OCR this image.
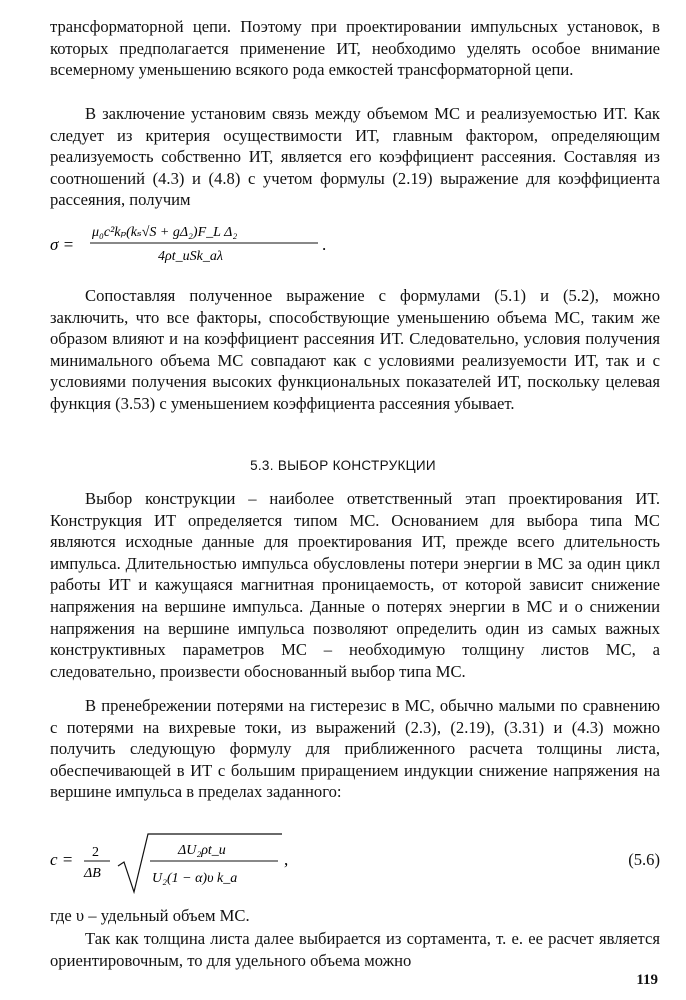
трансформаторной цепи. Поэтому при проектировании импульсных установок, в которых предполагается применение ИТ, необходимо уделять особое внимание всемерному уменьшению всякого рода емкостей трансформаторной цепи.

В заключение установим связь между объемом МС и реализуемостью ИТ. Как следует из критерия осуществимости ИТ, главным фактором, определяющим реализуемость собственно ИТ, является его коэффициент рассеяния. Составляя из соотношений (4.3) и (4.8) с учетом формулы (2.19) выражение для коэффициента рассеяния, получим

σ =
μ₀c²kₚ(kₛ√S + gΔ₂)F_L Δ₂
4ρt_иSk_aλ
.

Сопоставляя полученное выражение с формулами (5.1) и (5.2), можно заключить, что все факторы, способствующие уменьшению объема МС, таким же образом влияют и на коэффициент рассеяния ИТ. Следовательно, условия получения минимального объема МС совпадают как с условиями реализуемости ИТ, так и с условиями получения высоких функциональных показателей ИТ, поскольку целевая функция (3.53) с уменьшением коэффициента рассеяния убывает.

5.3. ВЫБОР КОНСТРУКЦИИ

Выбор конструкции – наиболее ответственный этап проектирования ИТ. Конструкция ИТ определяется типом МС. Основанием для выбора типа МС являются исходные данные для проектирования ИТ, прежде всего длительность импульса. Длительностью импульса обусловлены потери энергии в МС за один цикл работы ИТ и кажущаяся магнитная проницаемость, от которой зависит снижение напряжения на вершине импульса. Данные о потерях энергии в МС и о снижении напряжения на вершине импульса позволяют определить один из самых важных конструктивных параметров МС – необходимую толщину листов МС, а следовательно, произвести обоснованный выбор типа МС.

В пренебрежении потерями на гистерезис в МС, обычно малыми по сравнению с потерями на вихревые токи, из выражений (2.3), (2.19), (3.31) и (4.3) можно получить следующую формулу для приближенного расчета толщины листа, обеспечивающей в ИТ с большим приращением индукции снижение напряжения на вершине импульса в пределах заданного:

c = 2
ΔB
ΔU₂ρt_и
U₂(1 − α)υ k_a
,	(5.6)

где υ – удельный объем МС.

Так как толщина листа далее выбирается из сортамента, т. е. ее расчет является ориентировочным, то для удельного объема можно

119
